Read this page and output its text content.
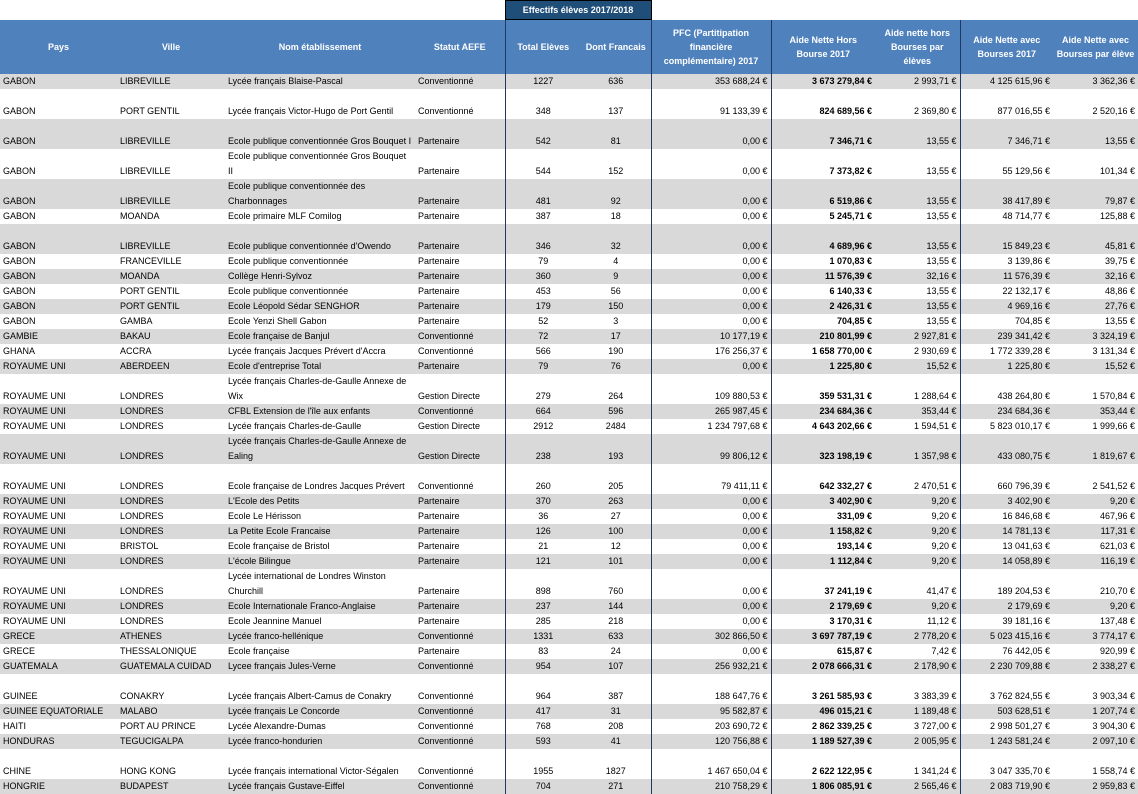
				Effectifs élèves 2017/2018						
Pays	Ville	Nom établissement	Statut AEFE	Total Elèves	Dont Francais	PFC (Partitipation financière complémentaire) 2017	Aide Nette Hors Bourse 2017	Aide nette hors Bourses par élèves	Aide Nette avec Bourses 2017	Aide Nette avec Bourses par élève
GABON	LIBREVILLE	Lycée français Blaise-Pascal	Conventionné	1227	636	353 688,24 €	3 673 279,84 €	2 993,71 €	4 125 615,96 €	3 362,36 €
GABON	PORT GENTIL	Lycée français Victor-Hugo de Port Gentil	Conventionné	348	137	91 133,39 €	824 689,56 €	2 369,80 €	877 016,55 €	2 520,16 €
GABON	LIBREVILLE	Ecole publique conventionnée Gros Bouquet I	Partenaire	542	81	0,00 €	7 346,71 €	13,55 €	7 346,71 €	13,55 €
GABON	LIBREVILLE	Ecole publique conventionnée Gros Bouquet II	Partenaire	544	152	0,00 €	7 373,82 €	13,55 €	55 129,56 €	101,34 €
GABON	LIBREVILLE	Ecole publique conventionnée des Charbonnages	Partenaire	481	92	0,00 €	6 519,86 €	13,55 €	38 417,89 €	79,87 €
GABON	MOANDA	Ecole primaire MLF Comilog	Partenaire	387	18	0,00 €	5 245,71 €	13,55 €	48 714,77 €	125,88 €
GABON	LIBREVILLE	Ecole publique conventionnée d'Owendo	Partenaire	346	32	0,00 €	4 689,96 €	13,55 €	15 849,23 €	45,81 €
GABON	FRANCEVILLE	Ecole publique conventionnée	Partenaire	79	4	0,00 €	1 070,83 €	13,55 €	3 139,86 €	39,75 €
GABON	MOANDA	Collège Henri-Sylvoz	Partenaire	360	9	0,00 €	11 576,39 €	32,16 €	11 576,39 €	32,16 €
GABON	PORT GENTIL	Ecole publique conventionnée	Partenaire	453	56	0,00 €	6 140,33 €	13,55 €	22 132,17 €	48,86 €
GABON	PORT GENTIL	Ecole Léopold Sédar SENGHOR	Partenaire	179	150	0,00 €	2 426,31 €	13,55 €	4 969,16 €	27,76 €
GABON	GAMBA	Ecole Yenzi Shell Gabon	Partenaire	52	3	0,00 €	704,85 €	13,55 €	704,85 €	13,55 €
GAMBIE	BAKAU	Ecole française de Banjul	Conventionné	72	17	10 177,19 €	210 801,99 €	2 927,81 €	239 341,42 €	3 324,19 €
GHANA	ACCRA	Lycée français Jacques Prévert d'Accra	Conventionné	566	190	176 256,37 €	1 658 770,00 €	2 930,69 €	1 772 339,28 €	3 131,34 €
ROYAUME UNI	ABERDEEN	Ecole d'entreprise Total	Partenaire	79	76	0,00 €	1 225,80 €	15,52 €	1 225,80 €	15,52 €
ROYAUME UNI	LONDRES	Lycée français Charles-de-Gaulle Annexe de Wix	Gestion Directe	279	264	109 880,53 €	359 531,31 €	1 288,64 €	438 264,80 €	1 570,84 €
ROYAUME UNI	LONDRES	CFBL Extension de l'île aux enfants	Conventionné	664	596	265 987,45 €	234 684,36 €	353,44 €	234 684,36 €	353,44 €
ROYAUME UNI	LONDRES	Lycée français Charles-de-Gaulle	Gestion Directe	2912	2484	1 234 797,68 €	4 643 202,66 €	1 594,51 €	5 823 010,17 €	1 999,66 €
ROYAUME UNI	LONDRES	Lycée français Charles-de-Gaulle Annexe de Ealing	Gestion Directe	238	193	99 806,12 €	323 198,19 €	1 357,98 €	433 080,75 €	1 819,67 €
ROYAUME UNI	LONDRES	Ecole française de Londres Jacques Prévert	Conventionné	260	205	79 411,11 €	642 332,27 €	2 470,51 €	660 796,39 €	2 541,52 €
ROYAUME UNI	LONDRES	L'Ecole des Petits	Partenaire	370	263	0,00 €	3 402,90 €	9,20 €	3 402,90 €	9,20 €
ROYAUME UNI	LONDRES	Ecole Le Hérisson	Partenaire	36	27	0,00 €	331,09 €	9,20 €	16 846,68 €	467,96 €
ROYAUME UNI	LONDRES	La Petite Ecole Francaise	Partenaire	126	100	0,00 €	1 158,82 €	9,20 €	14 781,13 €	117,31 €
ROYAUME UNI	BRISTOL	Ecole française de Bristol	Partenaire	21	12	0,00 €	193,14 €	9,20 €	13 041,63 €	621,03 €
ROYAUME UNI	LONDRES	L'école Bilingue	Partenaire	121	101	0,00 €	1 112,84 €	9,20 €	14 058,89 €	116,19 €
ROYAUME UNI	LONDRES	Lycée international de Londres Winston Churchill	Partenaire	898	760	0,00 €	37 241,19 €	41,47 €	189 204,53 €	210,70 €
ROYAUME UNI	LONDRES	Ecole Internationale Franco-Anglaise	Partenaire	237	144	0,00 €	2 179,69 €	9,20 €	2 179,69 €	9,20 €
ROYAUME UNI	LONDRES	Ecole Jeannine Manuel	Partenaire	285	218	0,00 €	3 170,31 €	11,12 €	39 181,16 €	137,48 €
GRECE	ATHENES	Lycée franco-hellénique	Conventionné	1331	633	302 866,50 €	3 697 787,19 €	2 778,20 €	5 023 415,16 €	3 774,17 €
GRECE	THESSALONIQUE	Ecole française	Partenaire	83	24	0,00 €	615,87 €	7,42 €	76 442,05 €	920,99 €
GUATEMALA	GUATEMALA CUIDAD	Lycee français Jules-Verne	Conventionné	954	107	256 932,21 €	2 078 666,31 €	2 178,90 €	2 230 709,88 €	2 338,27 €
GUINEE	CONAKRY	Lycée français Albert-Camus de Conakry	Conventionné	964	387	188 647,76 €	3 261 585,93 €	3 383,39 €	3 762 824,55 €	3 903,34 €
GUINEE EQUATORIALE	MALABO	Lycée français Le Concorde	Conventionné	417	31	95 582,87 €	496 015,21 €	1 189,48 €	503 628,51 €	1 207,74 €
HAITI	PORT AU PRINCE	Lycée Alexandre-Dumas	Conventionné	768	208	203 690,72 €	2 862 339,25 €	3 727,00 €	2 998 501,27 €	3 904,30 €
HONDURAS	TEGUCIGALPA	Lycée franco-hondurien	Conventionné	593	41	120 756,88 €	1 189 527,39 €	2 005,95 €	1 243 581,24 €	2 097,10 €
CHINE	HONG KONG	Lycée français international Victor-Ségalen	Conventionné	1955	1827	1 467 650,04 €	2 622 122,95 €	1 341,24 €	3 047 335,70 €	1 558,74 €
HONGRIE	BUDAPEST	Lycée français Gustave-Eiffel	Conventionné	704	271	210 758,29 €	1 806 085,91 €	2 565,46 €	2 083 719,90 €	2 959,83 €
